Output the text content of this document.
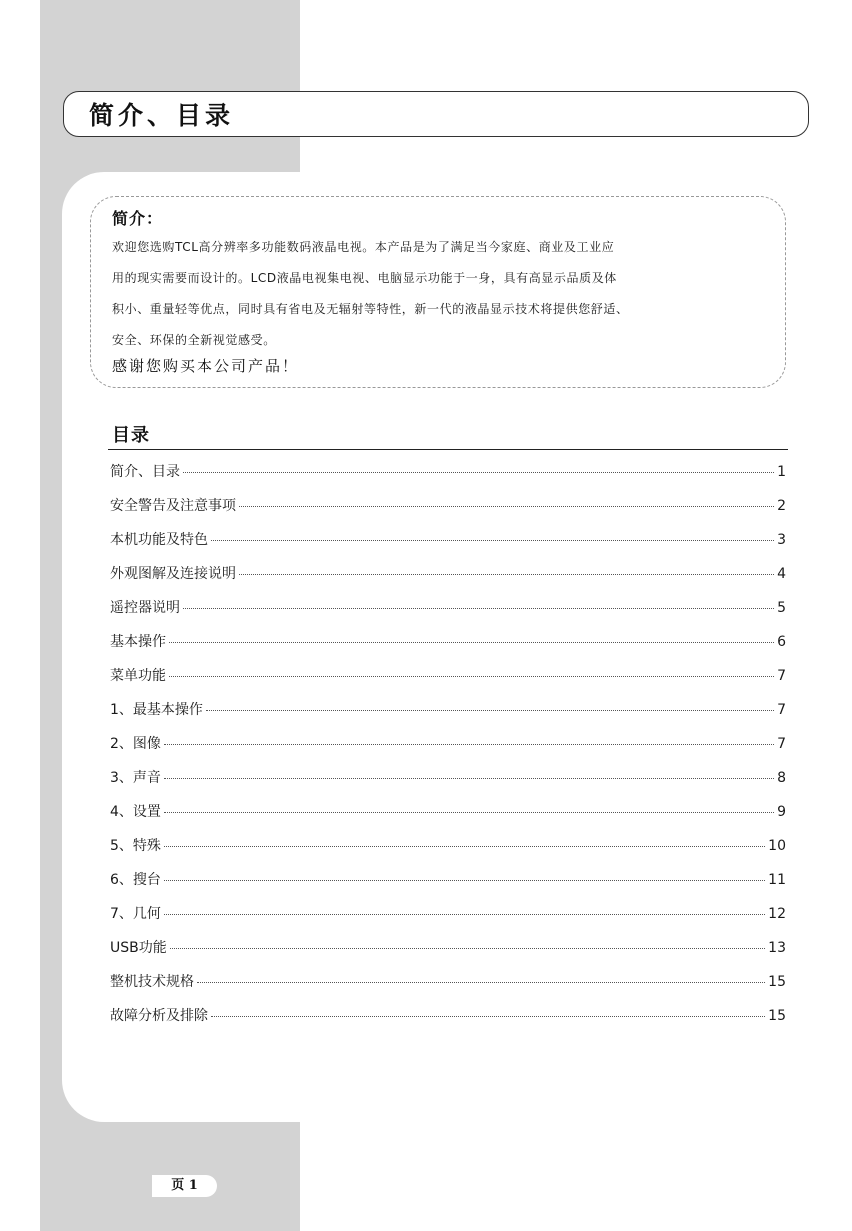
简介、目录
简介：
欢迎您选购TCL高分辨率多功能数码液晶电视。本产品是为了满足当今家庭、商业及工业应
用的现实需要而设计的。LCD液晶电视集电视、电脑显示功能于一身，具有高显示品质及体
积小、重量轻等优点，同时具有省电及无辐射等特性，新一代的液晶显示技术将提供您舒适、
安全、环保的全新视觉感受。
感谢您购买本公司产品！
目录
简介、目录	1
安全警告及注意事项	2
本机功能及特色	3
外观图解及连接说明	4
遥控器说明	5
基本操作	6
菜单功能	7
1、最基本操作	7
2、图像	7
3、声音	8
4、设置	9
5、特殊	10
6、搜台	11
7、几何	12
USB功能	13
整机技术规格	15
故障分析及排除	15
页 1
